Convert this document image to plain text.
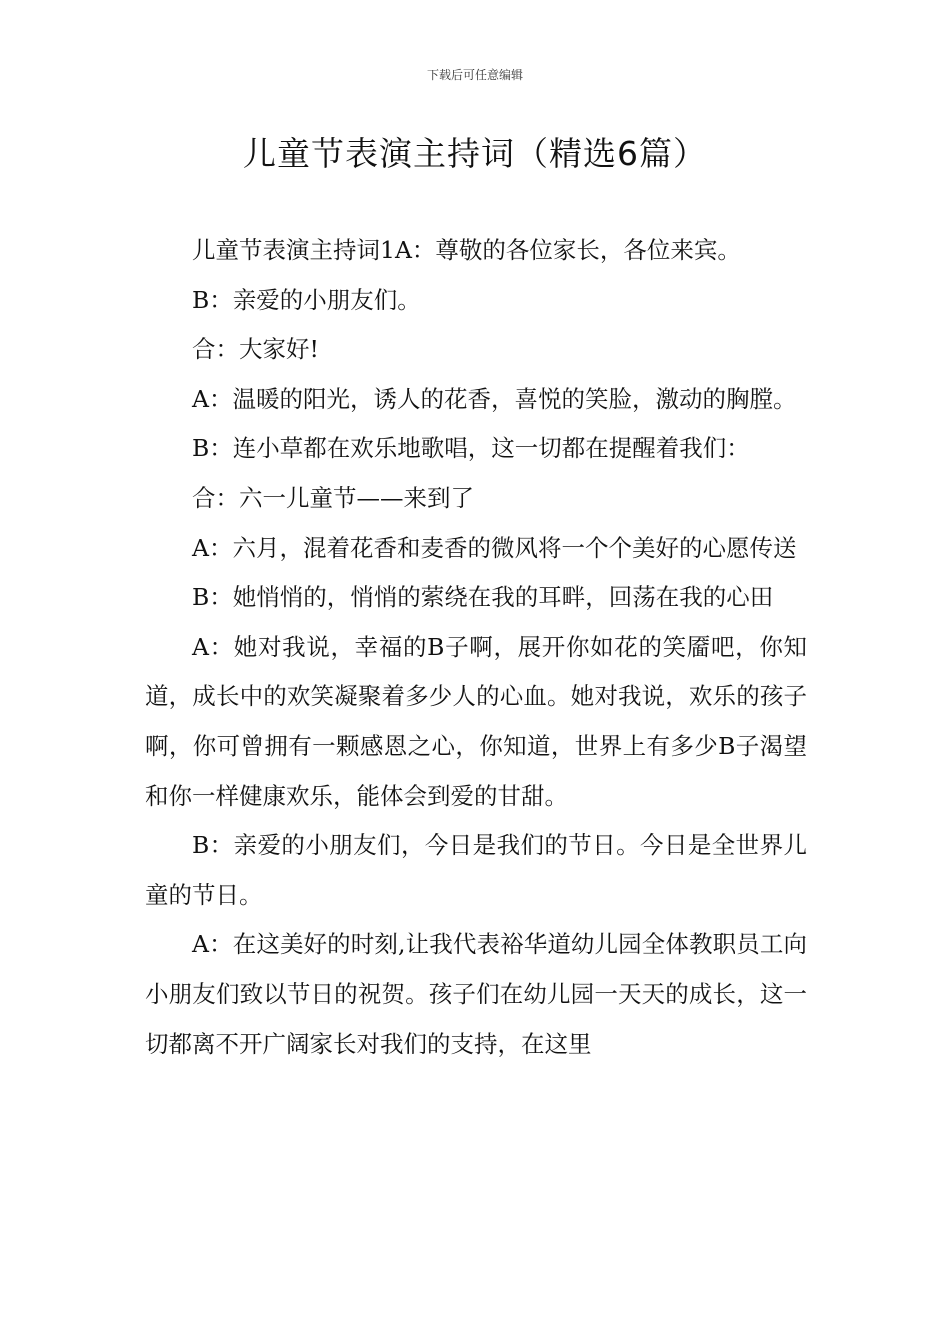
下载后可任意编辑
儿童节表演主持词（精选6篇）

儿童节表演主持词1A：尊敬的各位家长，各位来宾。

B：亲爱的小朋友们。

合：大家好!

A：温暖的阳光，诱人的花香，喜悦的笑脸，激动的胸膛。

B：连小草都在欢乐地歌唱，这一切都在提醒着我们：

合：六一儿童节——来到了

A：六月，混着花香和麦香的微风将一个个美好的心愿传送

B：她悄悄的，悄悄的萦绕在我的耳畔，回荡在我的心田

A：她对我说，幸福的B子啊，展开你如花的笑靥吧，你知道，成长中的欢笑凝聚着多少人的心血。她对我说，欢乐的孩子啊，你可曾拥有一颗感恩之心，你知道，世界上有多少B子渴望和你一样健康欢乐，能体会到爱的甘甜。

B：亲爱的小朋友们，今日是我们的节日。今日是全世界儿童的节日。

A：在这美好的时刻,让我代表裕华道幼儿园全体教职员工向小朋友们致以节日的祝贺。孩子们在幼儿园一天天的成长，这一切都离不开广阔家长对我们的支持，在这里
